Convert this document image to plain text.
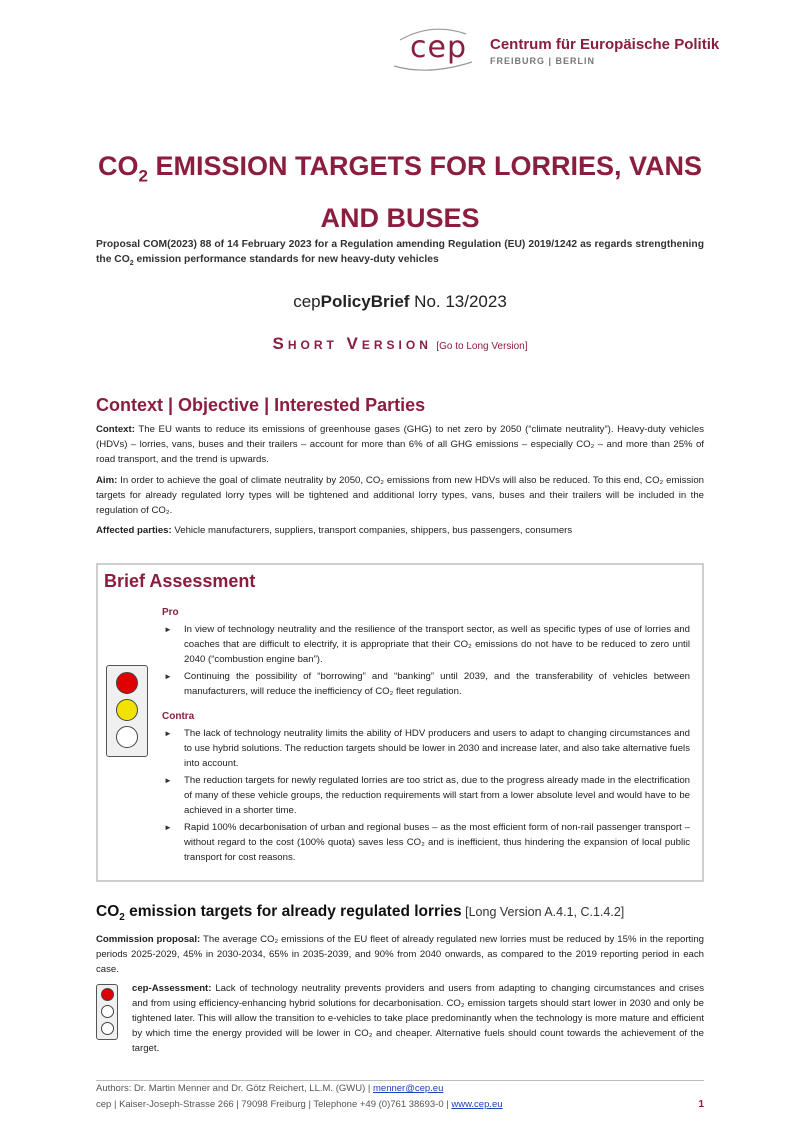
cep Centrum für Europäische Politik
FREIBURG | BERLIN
$CO_2$ EMISSION TARGETS FOR LORRIES, VANS
AND BUSES
Proposal COM(2023) 88 of 14 February 2023 for a Regulation amending Regulation (EU) 2019/1242 as regards strengthening the $CO_2$ emission performance standards for new heavy-duty vehicles
cepPolicyBrief No. 13/2023
Short Version [Go to Long Version]
Context | Objective | Interested Parties
Context: The EU wants to reduce its emissions of greenhouse gases (GHG) to net zero by 2050 (“climate neutrality”). Heavy-duty vehicles (HDVs) – lorries, vans, buses and their trailers – account for more than 6% of all GHG emissions – especially CO₂ – and more than 25% of road transport, and the trend is upwards.
Aim: In order to achieve the goal of climate neutrality by 2050, CO₂ emissions from new HDVs will also be reduced. To this end, CO₂ emission targets for already regulated lorry types will be tightened and additional lorry types, vans, buses and their trailers will be included in the regulation of CO₂.
Affected parties: Vehicle manufacturers, suppliers, transport companies, shippers, bus passengers, consumers
Brief Assessment
Pro
► In view of technology neutrality and the resilience of the transport sector, as well as specific types of use of lorries and coaches that are difficult to electrify, it is appropriate that their CO₂ emissions do not have to be reduced to zero until 2040 (“combustion engine ban”).
► Continuing the possibility of “borrowing” and “banking” until 2039, and the transferability of vehicles between manufacturers, will reduce the inefficiency of CO₂ fleet regulation.
Contra
► The lack of technology neutrality limits the ability of HDV producers and users to adapt to changing circumstances and to use hybrid solutions. The reduction targets should be lower in 2030 and increase later, and also take alternative fuels into account.
► The reduction targets for newly regulated lorries are too strict as, due to the progress already made in the electrification of many of these vehicle groups, the reduction requirements will start from a lower absolute level and would have to be achieved in a shorter time.
► Rapid 100% decarbonisation of urban and regional buses – as the most efficient form of non-rail passenger transport – without regard to the cost (100% quota) saves less CO₂ and is inefficient, thus hindering the expansion of local public transport for cost reasons.
$CO_2$ emission targets for already regulated lorries [Long Version A.4.1, C.1.4.2]
Commission proposal: The average CO₂ emissions of the EU fleet of already regulated new lorries must be reduced by 15% in the reporting periods 2025-2029, 45% in 2030-2034, 65% in 2035-2039, and 90% from 2040 onwards, as compared to the 2019 reporting period in each case.
cep-Assessment: Lack of technology neutrality prevents providers and users from adapting to changing circumstances and crises and from using efficiency-enhancing hybrid solutions for decarbonisation. CO₂ emission targets should start lower in 2030 and only be tightened later. This will allow the transition to e-vehicles to take place predominantly when the technology is more mature and efficient by which time the energy provided will be lower in CO₂ and cheaper. Alternative fuels should count towards the achievement of the target.
Authors: Dr. Martin Menner and Dr. Götz Reichert, LL.M. (GWU) | menner@cep.eu
cep | Kaiser-Joseph-Strasse 266 | 79098 Freiburg | Telephone +49 (0)761 38693-0 | www.cep.eu	1
